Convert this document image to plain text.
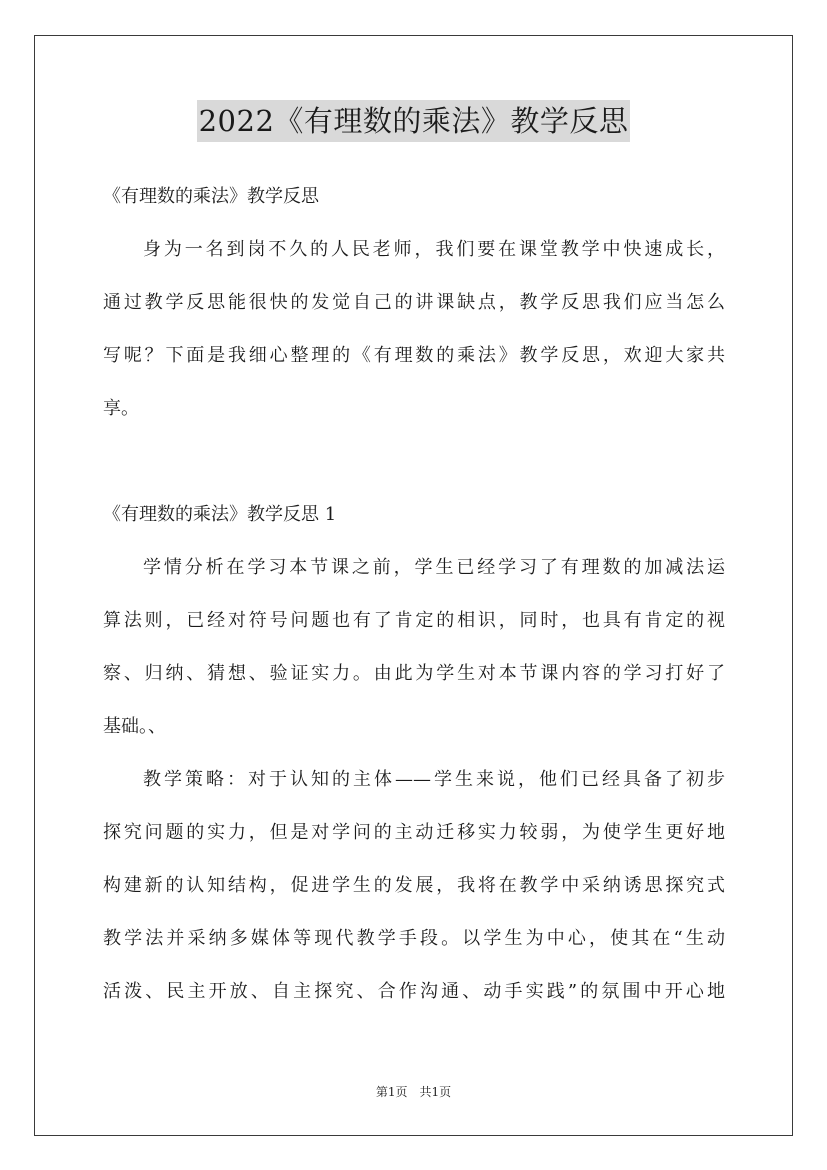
2022《有理数的乘法》教学反思
《有理数的乘法》教学反思
身为一名到岗不久的人民老师，我们要在课堂教学中快速成长，
通过教学反思能很快的发觉自己的讲课缺点，教学反思我们应当怎么
写呢？下面是我细心整理的《有理数的乘法》教学反思，欢迎大家共
享。
《有理数的乘法》教学反思 1
学情分析在学习本节课之前，学生已经学习了有理数的加减法运
算法则，已经对符号问题也有了肯定的相识，同时，也具有肯定的视
察、归纳、猜想、验证实力。由此为学生对本节课内容的学习打好了
基础。、
教学策略：对于认知的主体——学生来说，他们已经具备了初步
探究问题的实力，但是对学问的主动迁移实力较弱，为使学生更好地
构建新的认知结构，促进学生的发展，我将在教学中采纳诱思探究式
教学法并采纳多媒体等现代教学手段。以学生为中心，使其在“生动
活泼、民主开放、自主探究、合作沟通、动手实践”的氛围中开心地
第1页　共1页
